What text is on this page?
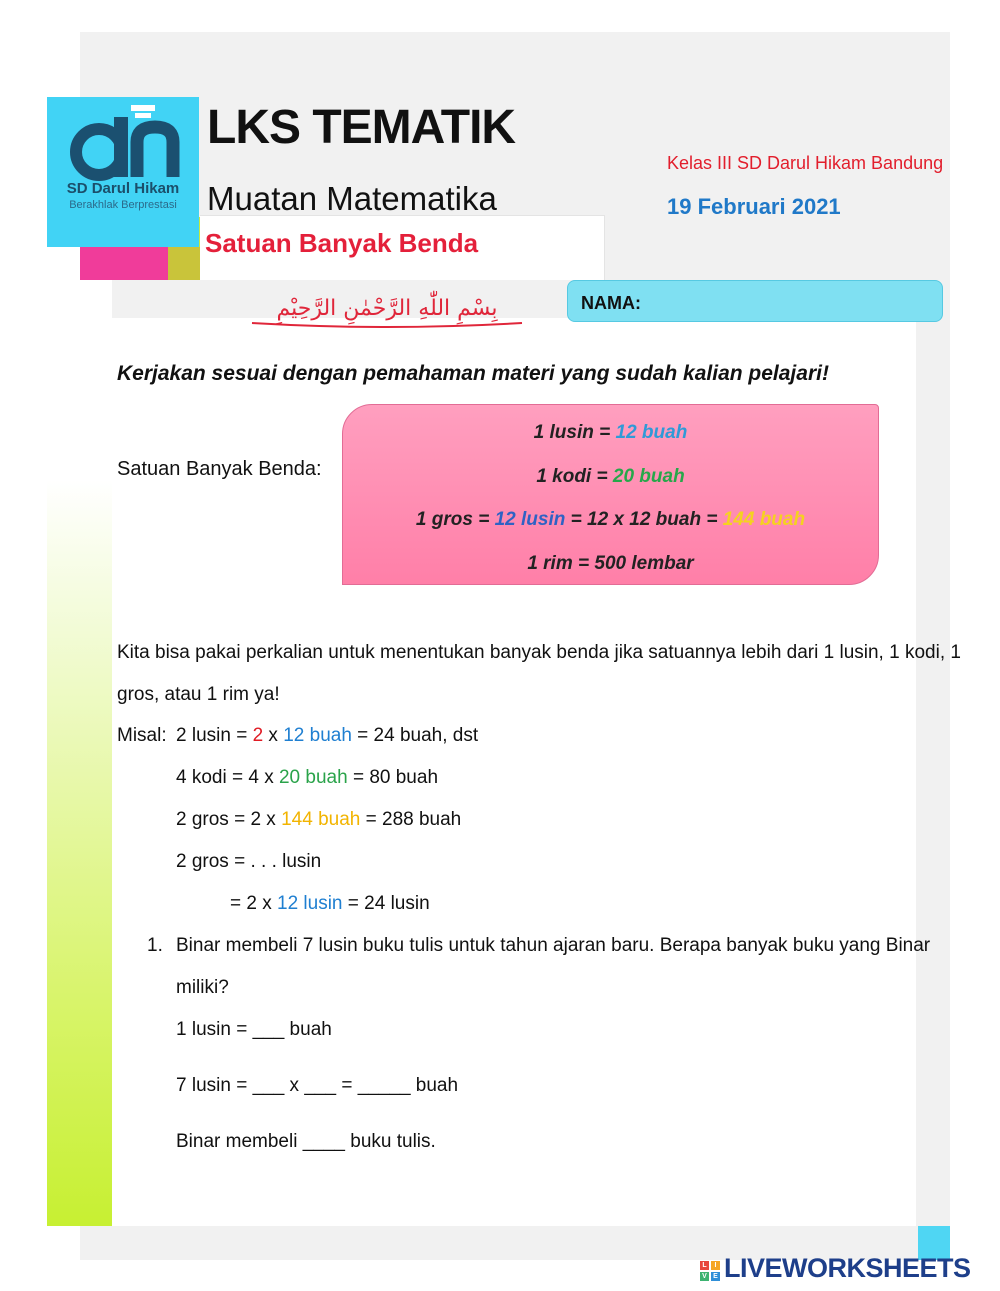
SD Darul Hikam
Berakhlak Berprestasi
LKS TEMATIK
Muatan Matematika
Satuan Banyak Benda
Kelas III SD Darul Hikam Bandung
19 Februari 2021
بِسْمِ اللّٰهِ الرَّحْمٰنِ الرَّحِيْمِ	NAMA:
Kerjakan sesuai dengan pemahaman materi yang sudah kalian pelajari!
Satuan Banyak Benda:
1 lusin = 12 buah
1 kodi = 20 buah
1 gros = 12 lusin = 12 x 12 buah = 144 buah
1 rim = 500 lembar
Kita bisa pakai perkalian untuk menentukan banyak benda jika satuannya lebih dari 1 lusin, 1 kodi, 1
gros, atau 1 rim ya!
Misal: 2 lusin = 2 x 12 buah = 24 buah, dst
4 kodi = 4 x 20 buah = 80 buah
2 gros = 2 x 144 buah = 288 buah
2 gros = . . . lusin
= 2 x 12 lusin = 24 lusin
1. Binar membeli 7 lusin buku tulis untuk tahun ajaran baru. Berapa banyak buku yang Binar
miliki?
1 lusin = ___ buah
7 lusin = ___ x ___ = _____ buah
Binar membeli ____ buku tulis.
L	I
V E LIVEWORKSHEETS
